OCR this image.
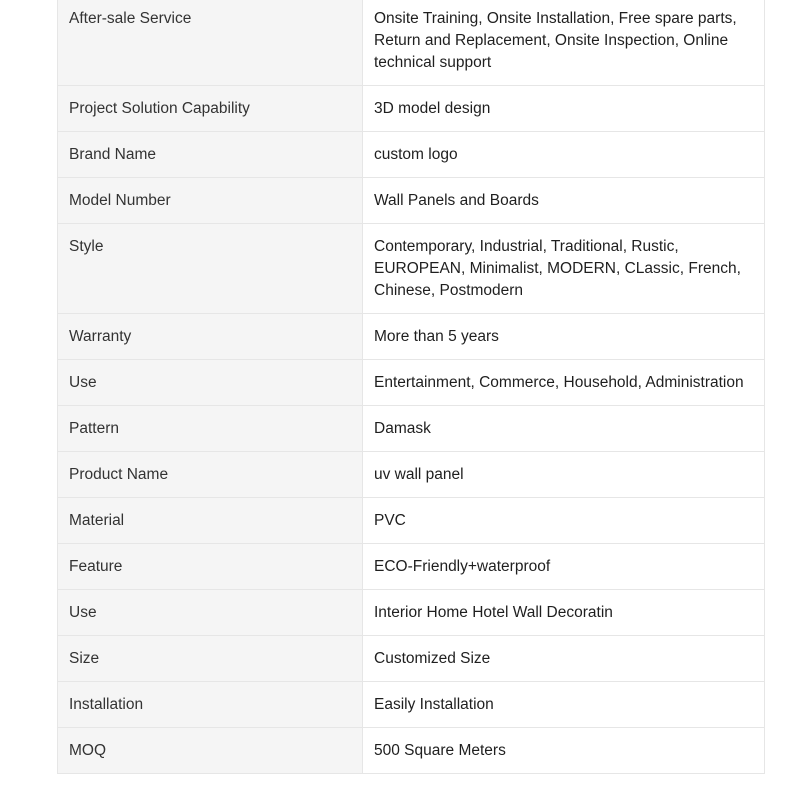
After-sale Service	Onsite Training, Onsite Installation, Free spare parts, Return and Replacement, Onsite Inspection, Online technical support

Project Solution Capability	3D model design

Brand Name	custom logo

Model Number	Wall Panels and Boards

Style	Contemporary, Industrial, Traditional, Rustic, EUROPEAN, Minimalist, MODERN, CLassic, French, Chinese, Postmodern

Warranty	More than 5 years

Use	Entertainment, Commerce, Household, Administration

Pattern	Damask

Product Name	uv wall panel

Material	PVC

Feature	ECO-Friendly+waterproof

Use	Interior Home Hotel Wall Decoratin

Size	Customized Size

Installation	Easily Installation

MOQ	500 Square Meters
